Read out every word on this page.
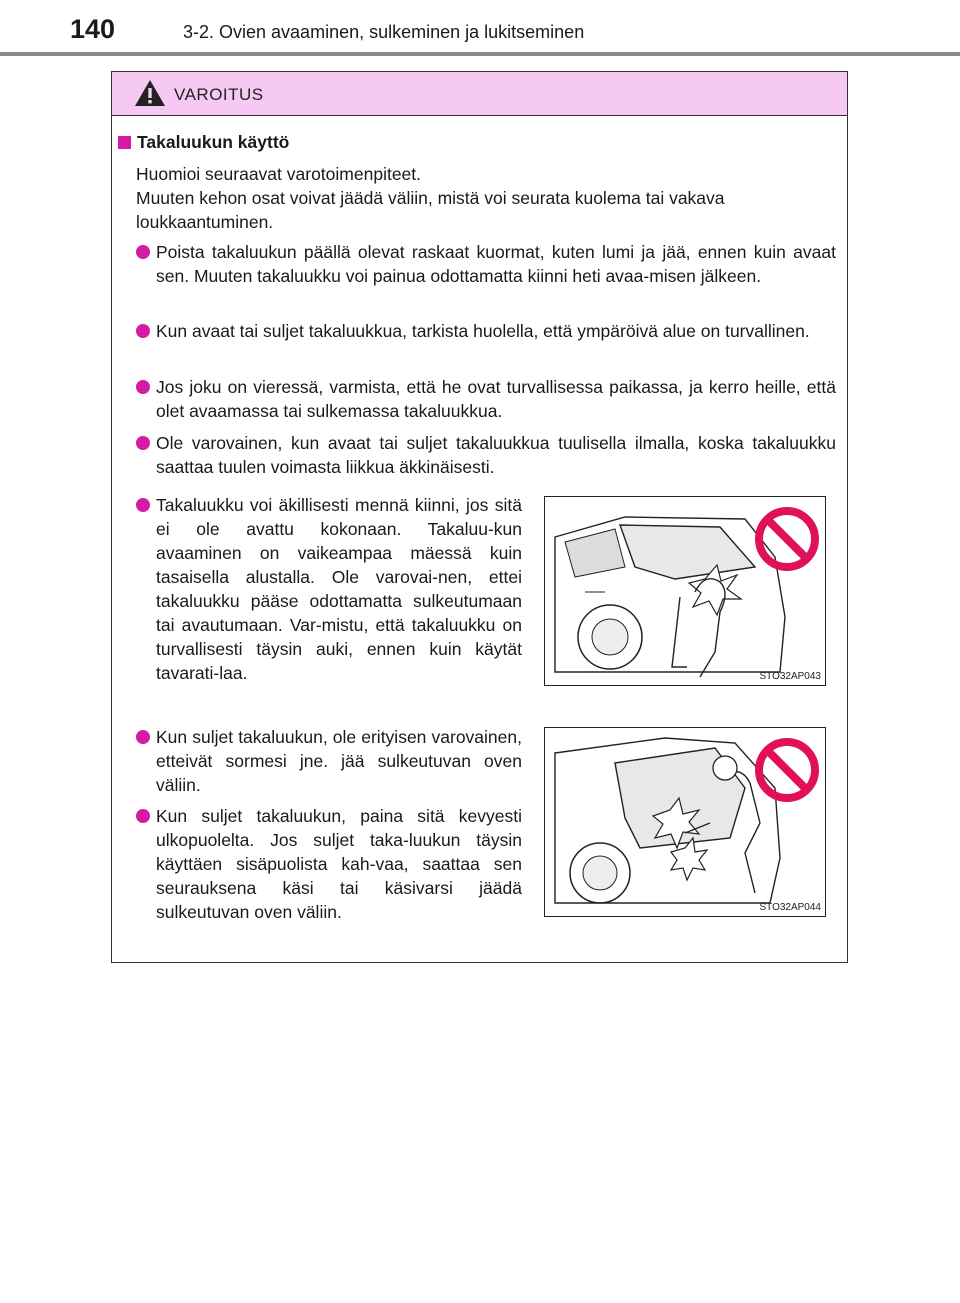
140	3-2. Ovien avaaminen, sulkeminen ja lukitseminen
VAROITUS
Takaluukun käyttö

Huomioi seuraavat varotoimenpiteet.

Muuten kehon osat voivat jäädä väliin, mistä voi seurata kuolema tai vakava loukkaantuminen.

Poista takaluukun päällä olevat raskaat kuormat, kuten lumi ja jää, ennen kuin avaat sen. Muuten takaluukku voi painua odottamatta kiinni heti avaa-misen jälkeen.
Kun avaat tai suljet takaluukkua, tarkista huolella, että ympäröivä alue on turvallinen.
Jos joku on vieressä, varmista, että he ovat turvallisessa paikassa, ja kerro heille, että olet avaamassa tai sulkemassa takaluukkua.
Ole varovainen, kun avaat tai suljet takaluukkua tuulisella ilmalla, koska takaluukku saattaa tuulen voimasta liikkua äkkinäisesti.
Takaluukku voi äkillisesti mennä kiinni, jos sitä ei ole avattu kokonaan. Takaluu-kun avaaminen on vaikeampaa mäessä kuin tasaisella alustalla. Ole varovai-nen, ettei takaluukku pääse odottamatta sulkeutumaan tai avautumaan. Var-mistu, että takaluukku on turvallisesti täysin auki, ennen kuin käytät tavarati-laa.
Kun suljet takaluukun, ole erityisen varovainen, etteivät sormesi jne. jää sulkeutuvan oven väliin.
Kun suljet takaluukun, paina sitä kevyesti ulkopuolelta. Jos suljet taka-luukun täysin käyttäen sisäpuolista kah-vaa, saattaa sen seurauksena käsi tai käsivarsi jäädä sulkeutuvan oven väliin.
STO32AP043
STO32AP044
